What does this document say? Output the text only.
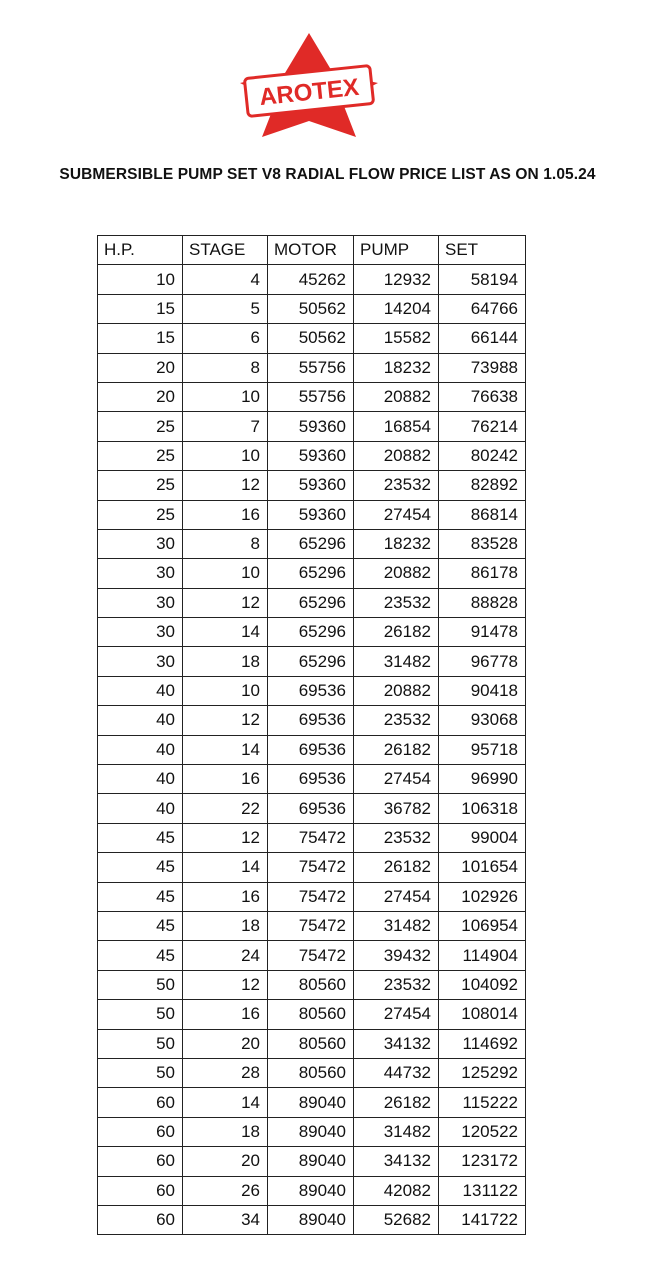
AROTEX
SUBMERSIBLE PUMP SET V8 RADIAL FLOW PRICE LIST AS ON 1.05.24
H.P.	STAGE	MOTOR	PUMP	SET
10	4	45262	12932	58194
15	5	50562	14204	64766
15	6	50562	15582	66144
20	8	55756	18232	73988
20	10	55756	20882	76638
25	7	59360	16854	76214
25	10	59360	20882	80242
25	12	59360	23532	82892
25	16	59360	27454	86814
30	8	65296	18232	83528
30	10	65296	20882	86178
30	12	65296	23532	88828
30	14	65296	26182	91478
30	18	65296	31482	96778
40	10	69536	20882	90418
40	12	69536	23532	93068
40	14	69536	26182	95718
40	16	69536	27454	96990
40	22	69536	36782	106318
45	12	75472	23532	99004
45	14	75472	26182	101654
45	16	75472	27454	102926
45	18	75472	31482	106954
45	24	75472	39432	114904
50	12	80560	23532	104092
50	16	80560	27454	108014
50	20	80560	34132	114692
50	28	80560	44732	125292
60	14	89040	26182	115222
60	18	89040	31482	120522
60	20	89040	34132	123172
60	26	89040	42082	131122
60	34	89040	52682	141722
